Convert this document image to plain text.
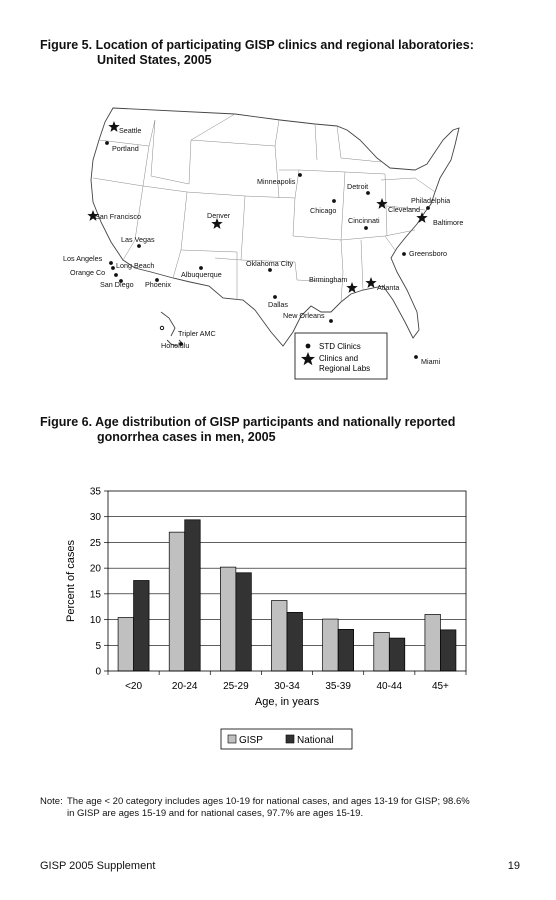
Figure 5. Location of participating GISP clinics and regional laboratories:
United States, 2005
Seattle
Portland
San Francisco
Las Vegas
Los Angeles
Long Beach
Orange Co
San Diego Phoenix
Albuquerque
Denver
Minneapolis
Chicago
Detroit
Cleveland
Philadelphia
Baltimore
Cincinnati
Greensboro
Oklahoma City
Birmingham
Atlanta
Dallas
New Orleans
Miami
Tripler AMC
Honolulu	STD Clinics
Clinics and
Regional Labs
Figure 6. Age distribution of GISP participants and nationally reported
gonorrhea cases in men, 2005
0
5
10
15
20
25
30
35
<20	20-24	25-29	30-34	35-39	40-44	45+
Percent of cases
Age, in years
GISP	National

Note: The age < 20 category includes ages 10-19 for national cases, and ages 13-19 for GISP; 98.6%
in GISP are ages 15-19 and for national cases, 97.7% are ages 15-19.

GISP 2005 Supplement	19
